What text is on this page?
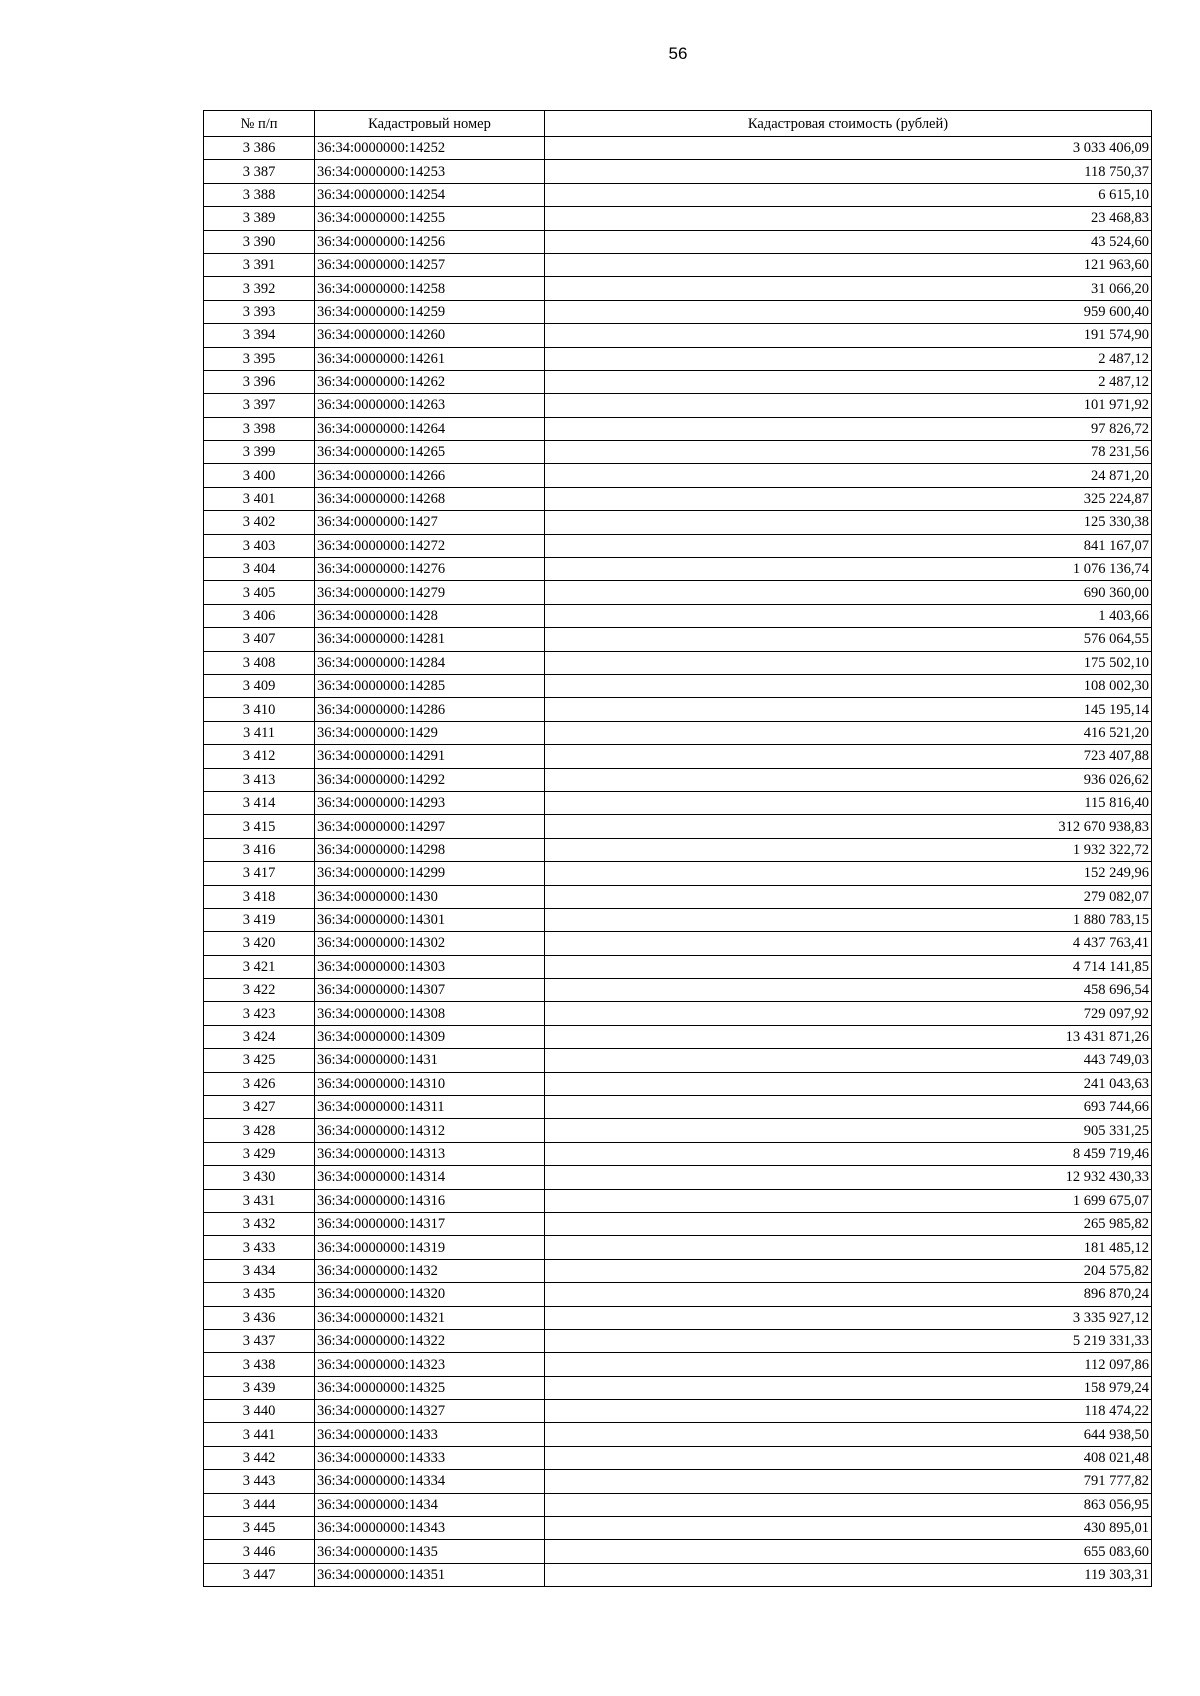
56
№ п/п	Кадастровый номер	Кадастровая стоимость (рублей)
3 386	36:34:0000000:14252	3 033 406,09
3 387	36:34:0000000:14253	118 750,37
3 388	36:34:0000000:14254	6 615,10
3 389	36:34:0000000:14255	23 468,83
3 390	36:34:0000000:14256	43 524,60
3 391	36:34:0000000:14257	121 963,60
3 392	36:34:0000000:14258	31 066,20
3 393	36:34:0000000:14259	959 600,40
3 394	36:34:0000000:14260	191 574,90
3 395	36:34:0000000:14261	2 487,12
3 396	36:34:0000000:14262	2 487,12
3 397	36:34:0000000:14263	101 971,92
3 398	36:34:0000000:14264	97 826,72
3 399	36:34:0000000:14265	78 231,56
3 400	36:34:0000000:14266	24 871,20
3 401	36:34:0000000:14268	325 224,87
3 402	36:34:0000000:1427	125 330,38
3 403	36:34:0000000:14272	841 167,07
3 404	36:34:0000000:14276	1 076 136,74
3 405	36:34:0000000:14279	690 360,00
3 406	36:34:0000000:1428	1 403,66
3 407	36:34:0000000:14281	576 064,55
3 408	36:34:0000000:14284	175 502,10
3 409	36:34:0000000:14285	108 002,30
3 410	36:34:0000000:14286	145 195,14
3 411	36:34:0000000:1429	416 521,20
3 412	36:34:0000000:14291	723 407,88
3 413	36:34:0000000:14292	936 026,62
3 414	36:34:0000000:14293	115 816,40
3 415	36:34:0000000:14297	312 670 938,83
3 416	36:34:0000000:14298	1 932 322,72
3 417	36:34:0000000:14299	152 249,96
3 418	36:34:0000000:1430	279 082,07
3 419	36:34:0000000:14301	1 880 783,15
3 420	36:34:0000000:14302	4 437 763,41
3 421	36:34:0000000:14303	4 714 141,85
3 422	36:34:0000000:14307	458 696,54
3 423	36:34:0000000:14308	729 097,92
3 424	36:34:0000000:14309	13 431 871,26
3 425	36:34:0000000:1431	443 749,03
3 426	36:34:0000000:14310	241 043,63
3 427	36:34:0000000:14311	693 744,66
3 428	36:34:0000000:14312	905 331,25
3 429	36:34:0000000:14313	8 459 719,46
3 430	36:34:0000000:14314	12 932 430,33
3 431	36:34:0000000:14316	1 699 675,07
3 432	36:34:0000000:14317	265 985,82
3 433	36:34:0000000:14319	181 485,12
3 434	36:34:0000000:1432	204 575,82
3 435	36:34:0000000:14320	896 870,24
3 436	36:34:0000000:14321	3 335 927,12
3 437	36:34:0000000:14322	5 219 331,33
3 438	36:34:0000000:14323	112 097,86
3 439	36:34:0000000:14325	158 979,24
3 440	36:34:0000000:14327	118 474,22
3 441	36:34:0000000:1433	644 938,50
3 442	36:34:0000000:14333	408 021,48
3 443	36:34:0000000:14334	791 777,82
3 444	36:34:0000000:1434	863 056,95
3 445	36:34:0000000:14343	430 895,01
3 446	36:34:0000000:1435	655 083,60
3 447	36:34:0000000:14351	119 303,31
